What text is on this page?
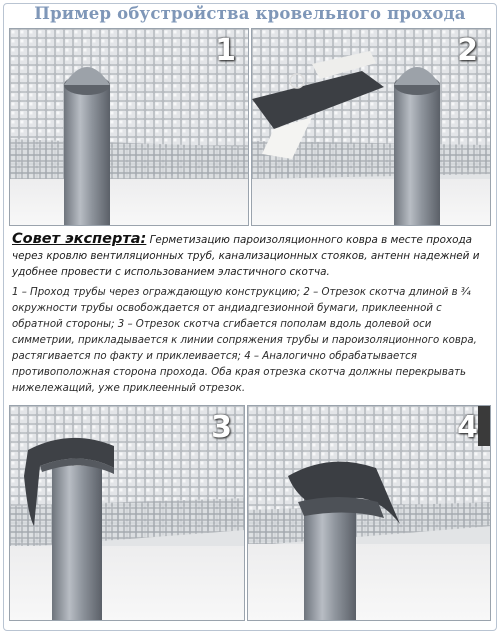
Пример обустройства кровельного прохода
1	2
Совет эксперта: Герметизацию пароизоляционного ковра в месте прохода через кровлю вентиляционных труб, канализационных стояков, антенн надежней и удобнее провести с использованием эластичного скотча.
1 – Проход трубы через ограждающую конструкцию; 2 – Отрезок скотча длиной в ¾ окружности трубы освобождается от андиадгезионной бумаги, приклеенной с обратной стороны; 3 – Отрезок скотча сгибается пополам вдоль долевой оси симметрии, прикладывается к линии сопряжения трубы и пароизоляционного ковра, растягивается по факту и приклеивается; 4 – Аналогично обрабатывается противоположная сторона прохода. Оба края отрезка скотча должны перекрывать нижележащий, уже приклеенный отрезок.
3	4
